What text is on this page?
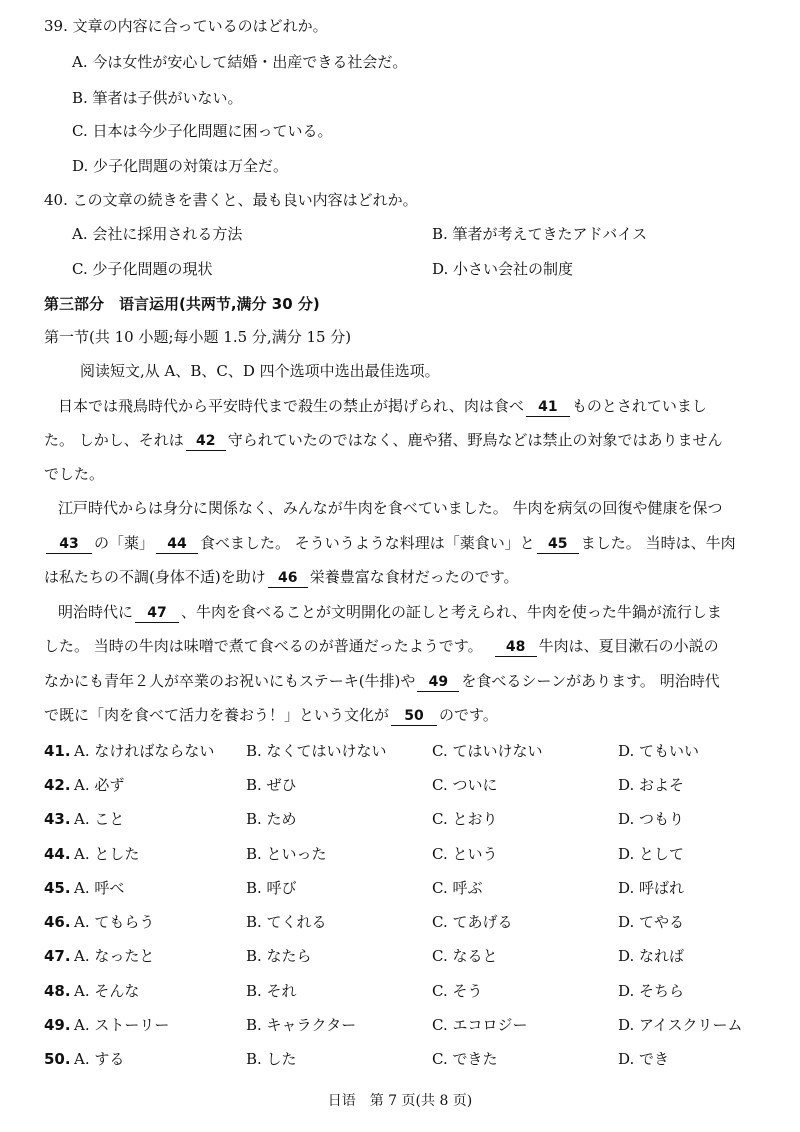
39. 文章の内容に合っているのはどれか。
A. 今は女性が安心して結婚・出産できる社会だ。
B. 筆者は子供がいない。
C. 日本は今少子化問題に困っている。
D. 少子化問題の対策は万全だ。
40. この文章の続きを書くと、最も良い内容はどれか。
A. 会社に採用される方法	B. 筆者が考えてきたアドバイス
C. 少子化問題の現状	D. 小さい会社の制度
第三部分　语言运用(共两节,满分 30 分)
第一节(共 10 小题;每小题 1.5 分,满分 15 分)
阅读短文,从 A、B、C、D 四个选项中选出最佳选项。
日本では飛鳥時代から平安時代まで殺生の禁止が掲げられ、肉は食べ 41 ものとされていまし
た。 しかし、それは 42 守られていたのではなく、鹿や猪、野鳥などは禁止の対象ではありません
でした。
江戸時代からは身分に関係なく、みんなが牛肉を食べていました。 牛肉を病気の回復や健康を保つ
43 の「薬」 44 食べました。 そういうような料理は「薬食い」と 45 ました。 当時は、牛肉
は私たちの不調(身体不适)を助け 46 栄養豊富な食材だったのです。
明治時代に 47 、牛肉を食べることが文明開化の証しと考えられ、牛肉を使った牛鍋が流行しま
した。 当時の牛肉は味噌で煮て食べるのが普通だったようです。 48 牛肉は、夏目漱石の小説の
なかにも青年２人が卒業のお祝いにもステーキ(牛排)や 49 を食べるシーンがあります。 明治時代
で既に「肉を食べて活力を養おう！」という文化が 50 のです。
41. A. なければならない B. なくてはいけない	C. てはいけない	D. てもいい
42. A. 必ず	B. ぜひ	C. ついに	D. およそ
43. A. こと	B. ため	C. とおり	D. つもり
44. A. とした	B. といった	C. という	D. として
45. A. 呼べ	B. 呼び	C. 呼ぶ	D. 呼ばれ
46. A. てもらう	B. てくれる	C. てあげる	D. てやる
47. A. なったと	B. なたら	C. なると	D. なれば
48. A. そんな	B. それ	C. そう	D. そちら
49. A. ストーリー	B. キャラクター	C. エコロジー	D. アイスクリーム
50. A. する	B. した	C. できた	D. でき
日语　第 7 页(共 8 页)
